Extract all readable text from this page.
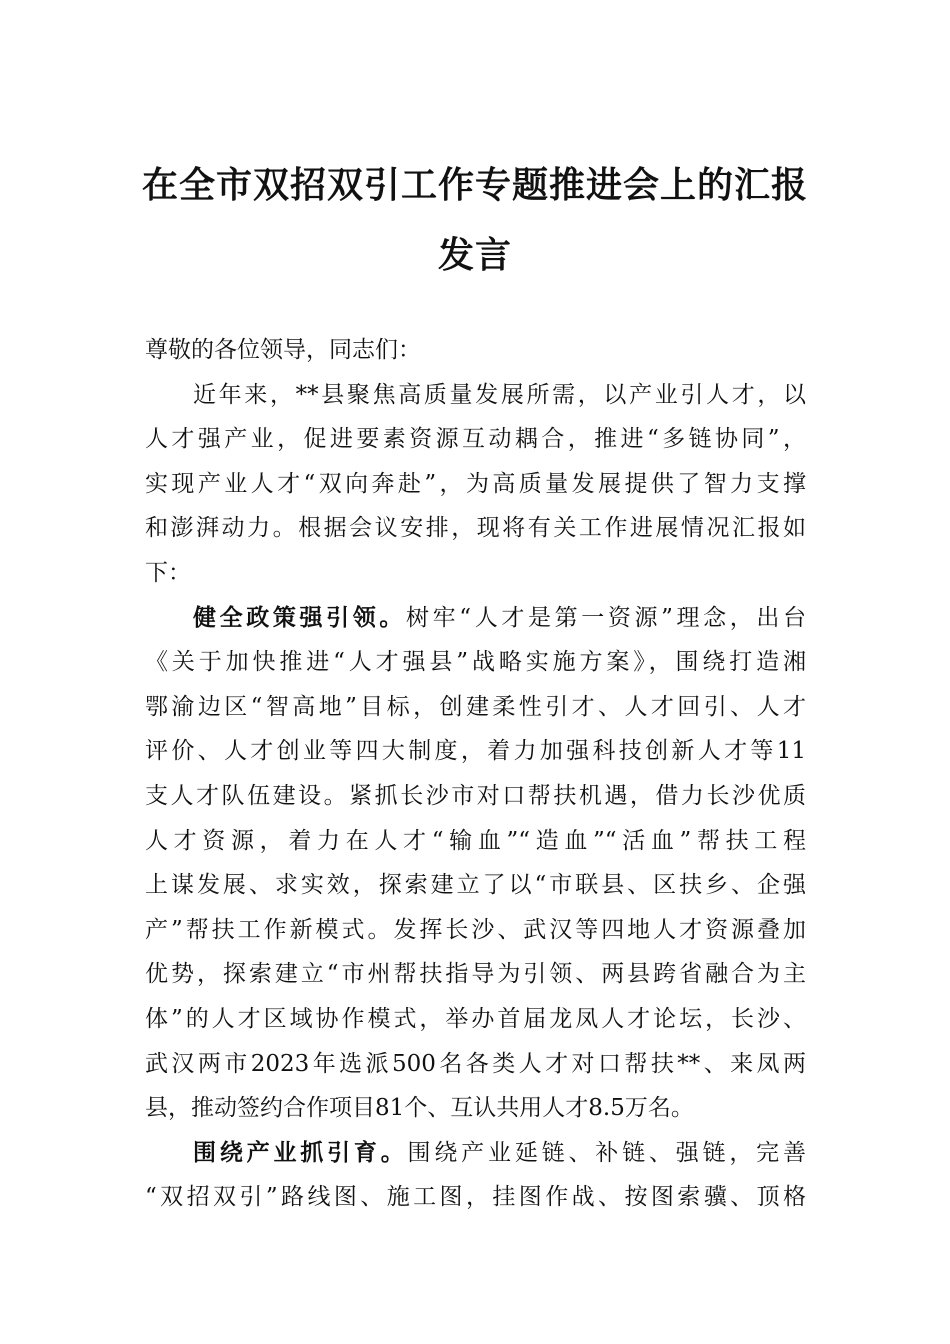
在全市双招双引工作专题推进会上的汇报
发言
尊敬的各位领导，同志们：
近年来，**县聚焦高质量发展所需，以产业引人才，以
人才强产业，促进要素资源互动耦合，推进“多链协同”，
实现产业人才“双向奔赴”，为高质量发展提供了智力支撑
和澎湃动力。根据会议安排，现将有关工作进展情况汇报如
下：
健全政策强引领。树牢“人才是第一资源”理念，出台
《关于加快推进“人才强县”战略实施方案》，围绕打造湘
鄂渝边区“智高地”目标，创建柔性引才、人才回引、人才
评价、人才创业等四大制度，着力加强科技创新人才等11
支人才队伍建设。紧抓长沙市对口帮扶机遇，借力长沙优质
人才资源，着力在人才“输血”“造血”“活血”帮扶工程
上谋发展、求实效，探索建立了以“市联县、区扶乡、企强
产”帮扶工作新模式。发挥长沙、武汉等四地人才资源叠加
优势，探索建立“市州帮扶指导为引领、两县跨省融合为主
体”的人才区域协作模式，举办首届龙凤人才论坛，长沙、
武汉两市2023年选派500名各类人才对口帮扶**、来凤两
县，推动签约合作项目81个、互认共用人才8.5万名。
围绕产业抓引育。围绕产业延链、补链、强链，完善
“双招双引”路线图、施工图，挂图作战、按图索骥、顶格
